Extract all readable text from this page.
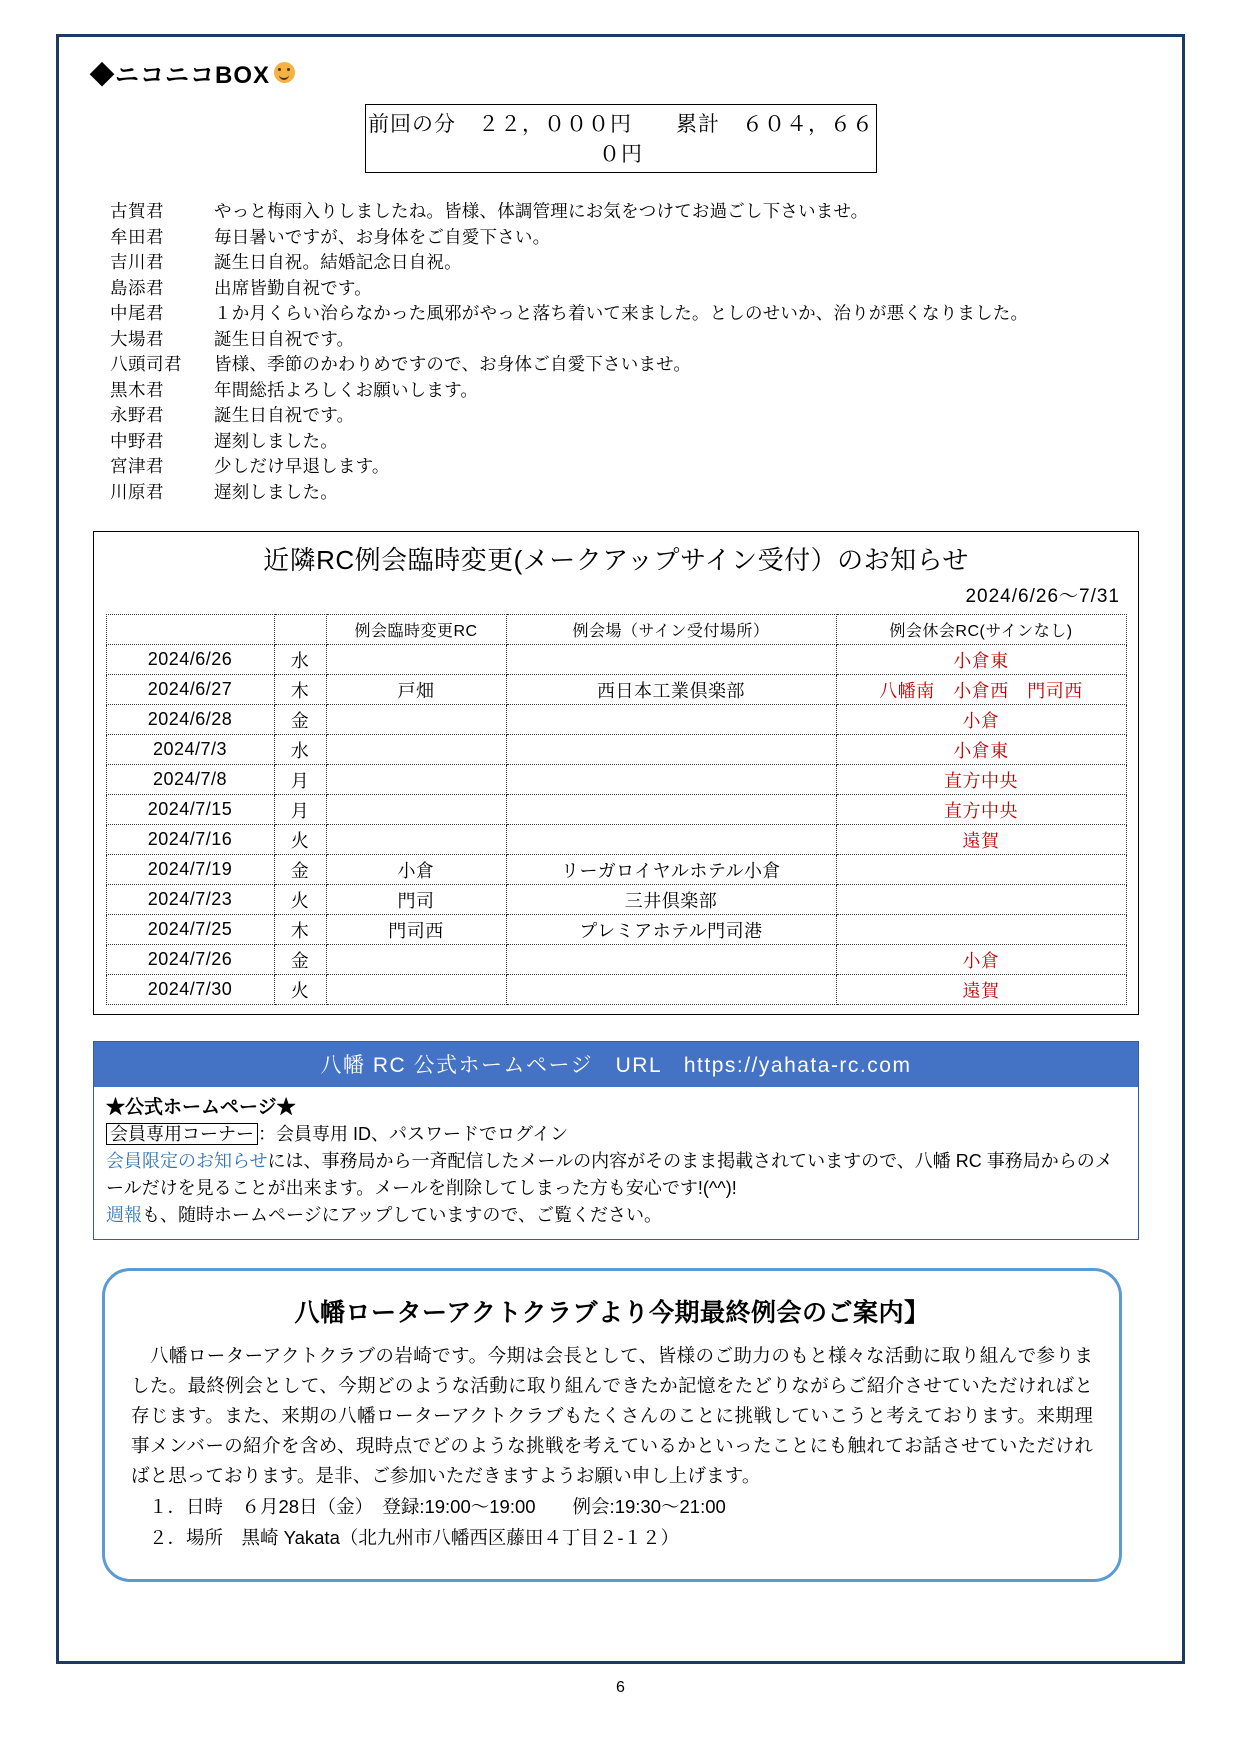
◆ニコニコBOX
前回の分　２２，０００円　　累計　６０４，６６０円
古賀君	やっと梅雨入りしましたね。皆様、体調管理にお気をつけてお過ごし下さいませ。
牟田君	毎日暑いですが、お身体をご自愛下さい。
吉川君	誕生日自祝。結婚記念日自祝。
島添君	出席皆勤自祝です。
中尾君	１か月くらい治らなかった風邪がやっと落ち着いて来ました。としのせいか、治りが悪くなりました。
大場君	誕生日自祝です。
八頭司君	皆様、季節のかわりめですので、お身体ご自愛下さいませ。
黒木君	年間総括よろしくお願いします。
永野君	誕生日自祝です。
中野君	遅刻しました。
宮津君	少しだけ早退します。
川原君	遅刻しました。
近隣RC例会臨時変更(メークアップサイン受付）のお知らせ
2024/6/26～7/31
		例会臨時変更RC	例会場（サイン受付場所）	例会休会RC(サインなし)
2024/6/26	水			小倉東
2024/6/27	木	戸畑	西日本工業倶楽部	八幡南　小倉西　門司西
2024/6/28	金			小倉
2024/7/3	水			小倉東
2024/7/8	月			直方中央
2024/7/15	月			直方中央
2024/7/16	火			遠賀
2024/7/19	金	小倉	リーガロイヤルホテル小倉	
2024/7/23	火	門司	三井倶楽部	
2024/7/25	木	門司西	プレミアホテル門司港	
2024/7/26	金			小倉
2024/7/30	火			遠賀
八幡 RC 公式ホームページ　URL　https://yahata-rc.com
★公式ホームページ★
会員専用コーナー ：会員専用 ID、パスワードでログイン
会員限定のお知らせには、事務局から一斉配信したメールの内容がそのまま掲載されていますので、八幡 RC 事務局からのメールだけを見ることが出来ます。メールを削除してしまった方も安心です!(^^)!
週報も、随時ホームページにアップしていますので、ご覧ください。
八幡ローターアクトクラブより今期最終例会のご案内】
　八幡ローターアクトクラブの岩崎です。今期は会長として、皆様のご助力のもと様々な活動に取り組んで参りました。最終例会として、今期どのような活動に取り組んできたか記憶をたどりながらご紹介させていただければと存じます。また、来期の八幡ローターアクトクラブもたくさんのことに挑戦していこうと考えております。来期理事メンバーの紹介を含め、現時点でどのような挑戦を考えているかといったことにも触れてお話させていただければと思っております。是非、ご参加いただきますようお願い申し上げます。
１．日時　６月28日（金）　登録:19:00～19:00　　例会:19:30～21:00
２．場所　黒崎 Yakata（北九州市八幡西区藤田４丁目２-１２）
6
